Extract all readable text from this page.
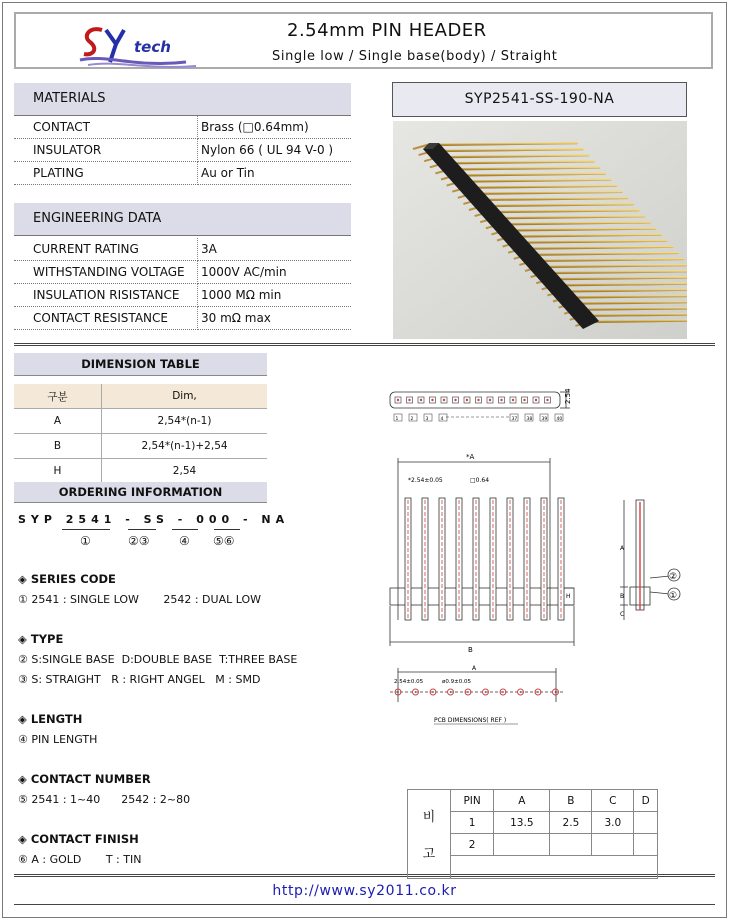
tech
2.54mm PIN HEADER
Single low / Single base(body) / Straight
MATERIALS
CONTACT	Brass (□0.64mm)
INSULATOR	Nylon 66 ( UL 94 V-0 )
PLATING	Au or Tin
ENGINEERING DATA
CURRENT RATING	3A
WITHSTANDING VOLTAGE	1000V AC/min
INSULATION RISISTANCE	1000 MΩ min
CONTACT RESISTANCE	30 mΩ max
SYP2541-SS-190-NA
DIMENSION TABLE
구분	Dim,
A	2,54*(n-1)
B	2,54*(n-1)+2,54
H	2,54
ORDERING INFORMATION
SYP 2541 - SS - 000 - NA
①	②③ ④ ⑤⑥
◈ SERIES CODE
① 2541 : SINGLE LOW       2542 : DUAL LOW
◈ TYPE
② S:SINGLE BASE  D:DOUBLE BASE  T:THREE BASE
③ S: STRAIGHT   R : RIGHT ANGEL   M : SMD
◈ LENGTH
④ PIN LENGTH
◈ CONTACT NUMBER
⑤ 2541 : 1~40      2542 : 2~80
◈ CONTACT FINISH
⑥ A : GOLD       T : TIN
2.54
1	2	3	4	37 38 39 40
*A
*2.54±0.05	□0.64
B
H
A
B
C
②
①
A
2.54±0.05	ø0.9±0.05
PCB DIMENSIONS( REF )
비
고	PIN	A	B	C	D
	1	13.5	2.5	3.0	
	2				

http://www.sy2011.co.kr
